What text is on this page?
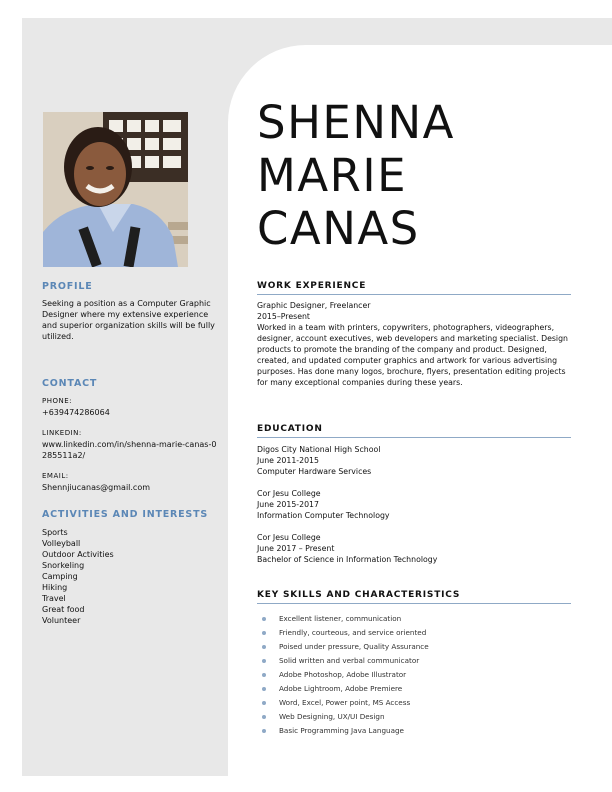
SHENNA
MARIE
CANAS
PROFILE
Seeking a position as a Computer Graphic Designer where my extensive experience and superior organization skills will be fully utilized.
CONTACT
PHONE:
+639474286064
LINKEDIN:
www.linkedin.com/in/shenna-marie-canas-0285511a2/
EMAIL:
Shennjiucanas@gmail.com
ACTIVITIES AND INTERESTS
Sports
Volleyball
Outdoor Activities
Snorkeling
Camping
Hiking
Travel
Great food
Volunteer
WORK EXPERIENCE
Graphic Designer, Freelancer
2015–Present
Worked in a team with printers, copywriters, photographers, videographers, designer, account executives, web developers and marketing specialist. Design products to promote the branding of the company and product. Designed, created, and updated computer graphics and artwork for various advertising purposes. Has done many logos, brochure, flyers, presentation editing projects for many exceptional companies during these years.
EDUCATION
Digos City National High School
June 2011-2015
Computer Hardware Services
Cor Jesu College
June 2015-2017
Information Computer Technology
Cor Jesu College
June 2017 – Present
Bachelor of Science in Information Technology
KEY SKILLS AND CHARACTERISTICS
Excellent listener, communication
Friendly, courteous, and service oriented
Poised under pressure, Quality Assurance
Solid written and verbal communicator
Adobe Photoshop, Adobe Illustrator
Adobe Lightroom, Adobe Premiere
Word, Excel, Power point, MS Access
Web Designing, UX/UI Design
Basic Programming Java Language
